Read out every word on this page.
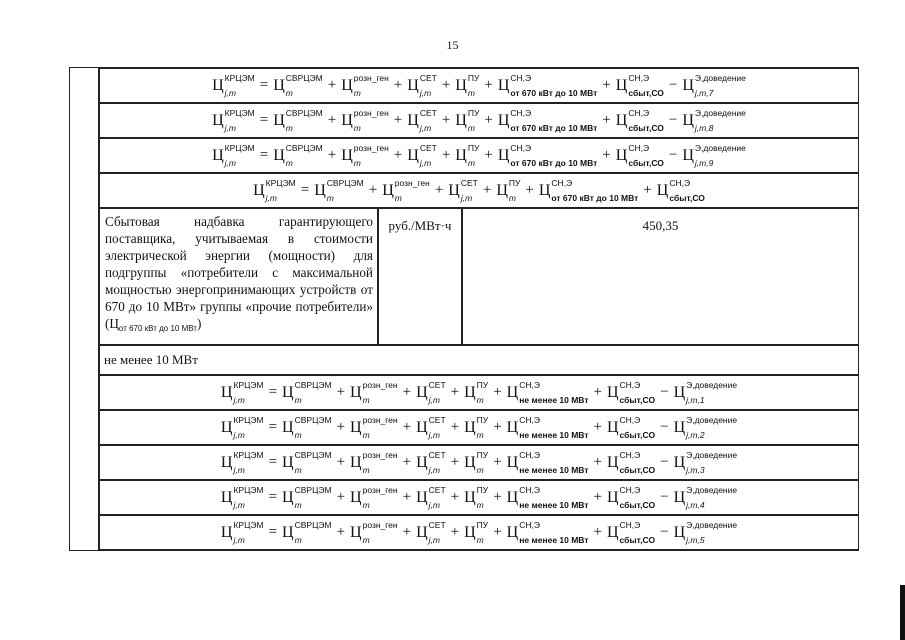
15
Ц КРЦЭМ
j,m	= Ц СВРЦЭМ
m	+ Ц розн_ген
m	+ Ц СЕТ
j,m + Ц ПУ
m + Ц СН,Э
от 670 кВт до 10 МВт + Ц СН,Э
сбыт,СО − Ц Э,доведение
j,m,7
Ц КРЦЭМ
j,m	= Ц СВРЦЭМ
m	+ Ц розн_ген
m	+ Ц СЕТ
j,m + Ц ПУ
m + Ц СН,Э
от 670 кВт до 10 МВт + Ц СН,Э
сбыт,СО − Ц Э,доведение
j,m,8
Ц КРЦЭМ
j,m	= Ц СВРЦЭМ
m	+ Ц розн_ген
m	+ Ц СЕТ
j,m + Ц ПУ
m + Ц СН,Э
от 670 кВт до 10 МВт + Ц СН,Э
сбыт,СО − Ц Э,доведение
j,m,9
Ц КРЦЭМ
j,m	= Ц СВРЦЭМ
m	+ Ц розн_ген
m	+ Ц СЕТ
j,m + Ц ПУ
m + Ц СН,Э
от 670 кВт до 10 МВт + Ц СН,Э
сбыт,СО
Сбытовая надбавка гарантирующего поставщика, учитываемая в стоимости электрической энергии (мощности) для подгруппы «потребители с максимальной мощностью энергопринимающих устройств от 670 до 10 МВт» группы «прочие потребители» $(Ц_{от 670 кВт до 10 МВт})$
руб./МВт·ч	450,35
не менее 10 МВт
Ц КРЦЭМ
j,m	= Ц СВРЦЭМ
m	+ Ц розн_ген
m	+ Ц СЕТ
j,m + Ц ПУ
m + Ц СН,Э
не менее 10 МВт + Ц СН,Э
сбыт,СО − Ц Э,доведение
j,m,1
Ц КРЦЭМ
j,m	= Ц СВРЦЭМ
m	+ Ц розн_ген
m	+ Ц СЕТ
j,m + Ц ПУ
m + Ц СН,Э
не менее 10 МВт + Ц СН,Э
сбыт,СО − Ц Э,доведение
j,m,2
Ц КРЦЭМ
j,m	= Ц СВРЦЭМ
m	+ Ц розн_ген
m	+ Ц СЕТ
j,m + Ц ПУ
m + Ц СН,Э
не менее 10 МВт + Ц СН,Э
сбыт,СО − Ц Э,доведение
j,m,3
Ц КРЦЭМ
j,m	= Ц СВРЦЭМ
m	+ Ц розн_ген
m	+ Ц СЕТ
j,m + Ц ПУ
m + Ц СН,Э
не менее 10 МВт + Ц СН,Э
сбыт,СО − Ц Э,доведение
j,m,4
Ц КРЦЭМ
j,m	= Ц СВРЦЭМ
m	+ Ц розн_ген
m	+ Ц СЕТ
j,m + Ц ПУ
m + Ц СН,Э
не менее 10 МВт + Ц СН,Э
сбыт,СО − Ц Э,доведение
j,m,5
